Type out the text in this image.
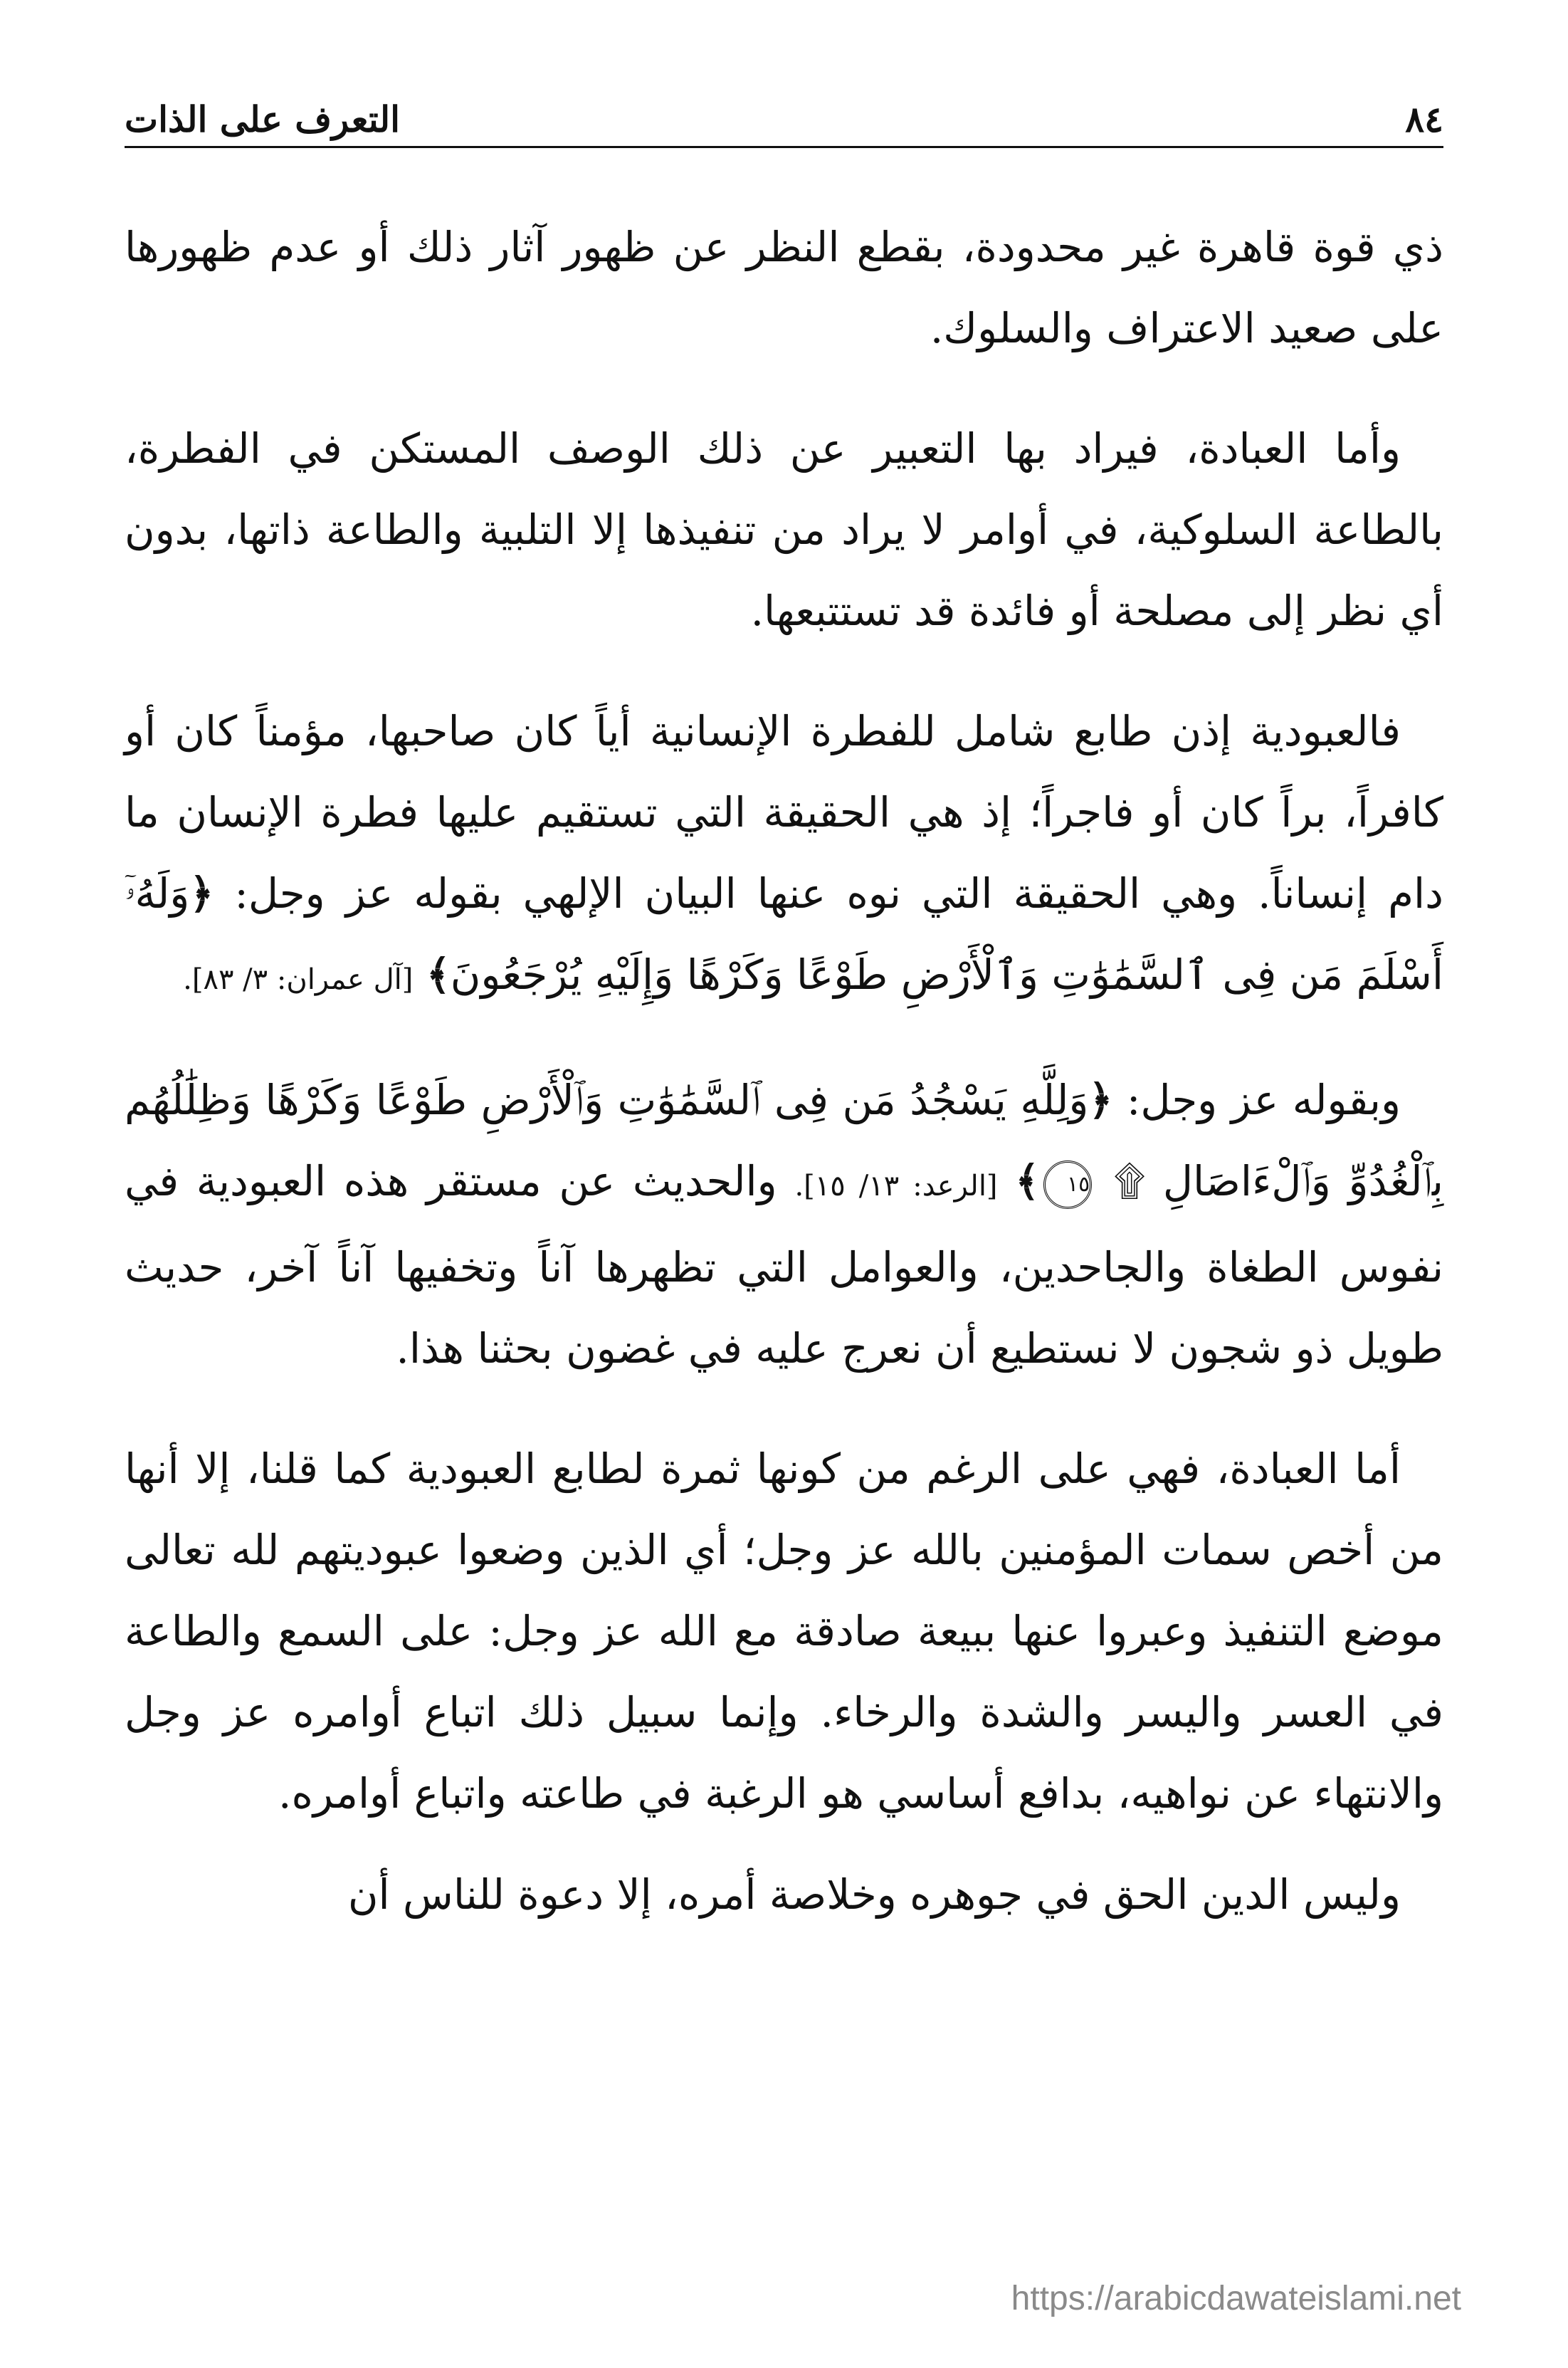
٨٤
التعرف على الذات

ذي قوة قاهرة غير محدودة، بقطع النظر عن ظهور آثار ذلك أو عدم ظهورها على صعيد الاعتراف والسلوك.

وأما العبادة، فيراد بها التعبير عن ذلك الوصف المستكن في الفطرة، بالطاعة السلوكية، في أوامر لا يراد من تنفيذها إلا التلبية والطاعة ذاتها، بدون أي نظر إلى مصلحة أو فائدة قد تستتبعها.

فالعبودية إذن طابع شامل للفطرة الإنسانية أياً كان صاحبها، مؤمناً كان أو كافراً، براً كان أو فاجراً؛ إذ هي الحقيقة التي تستقيم عليها فطرة الإنسان ما دام إنساناً. وهي الحقيقة التي نوه عنها البيان الإلهي بقوله عز وجل: ﴿وَلَهُۥٓ أَسْلَمَ مَن فِى ٱلسَّمَٰوَٰتِ وَٱلْأَرْضِ طَوْعًا وَكَرْهًا وَإِلَيْهِ يُرْجَعُونَ﴾ [آل عمران: ٣/ ٨٣].

وبقوله عز وجل: ﴿وَلِلَّهِ يَسْجُدُ مَن فِى ٱلسَّمَٰوَٰتِ وَٱلْأَرْضِ طَوْعًا وَكَرْهًا وَظِلَٰلُهُم بِٱلْغُدُوِّ وَٱلْءَاصَالِ ۩ ١٥﴾ [الرعد: ١٣/ ١٥]. والحديث عن مستقر هذه العبودية في نفوس الطغاة والجاحدين، والعوامل التي تظهرها آناً وتخفيها آناً آخر، حديث طويل ذو شجون لا نستطيع أن نعرج عليه في غضون بحثنا هذا.

أما العبادة، فهي على الرغم من كونها ثمرة لطابع العبودية كما قلنا، إلا أنها من أخص سمات المؤمنين بالله عز وجل؛ أي الذين وضعوا عبوديتهم لله تعالى موضع التنفيذ وعبروا عنها ببيعة صادقة مع الله عز وجل: على السمع والطاعة في العسر واليسر والشدة والرخاء. وإنما سبيل ذلك اتباع أوامره عز وجل والانتهاء عن نواهيه، بدافع أساسي هو الرغبة في طاعته واتباع أوامره.

وليس الدين الحق في جوهره وخلاصة أمره، إلا دعوة للناس أن

https://arabicdawateislami.net
